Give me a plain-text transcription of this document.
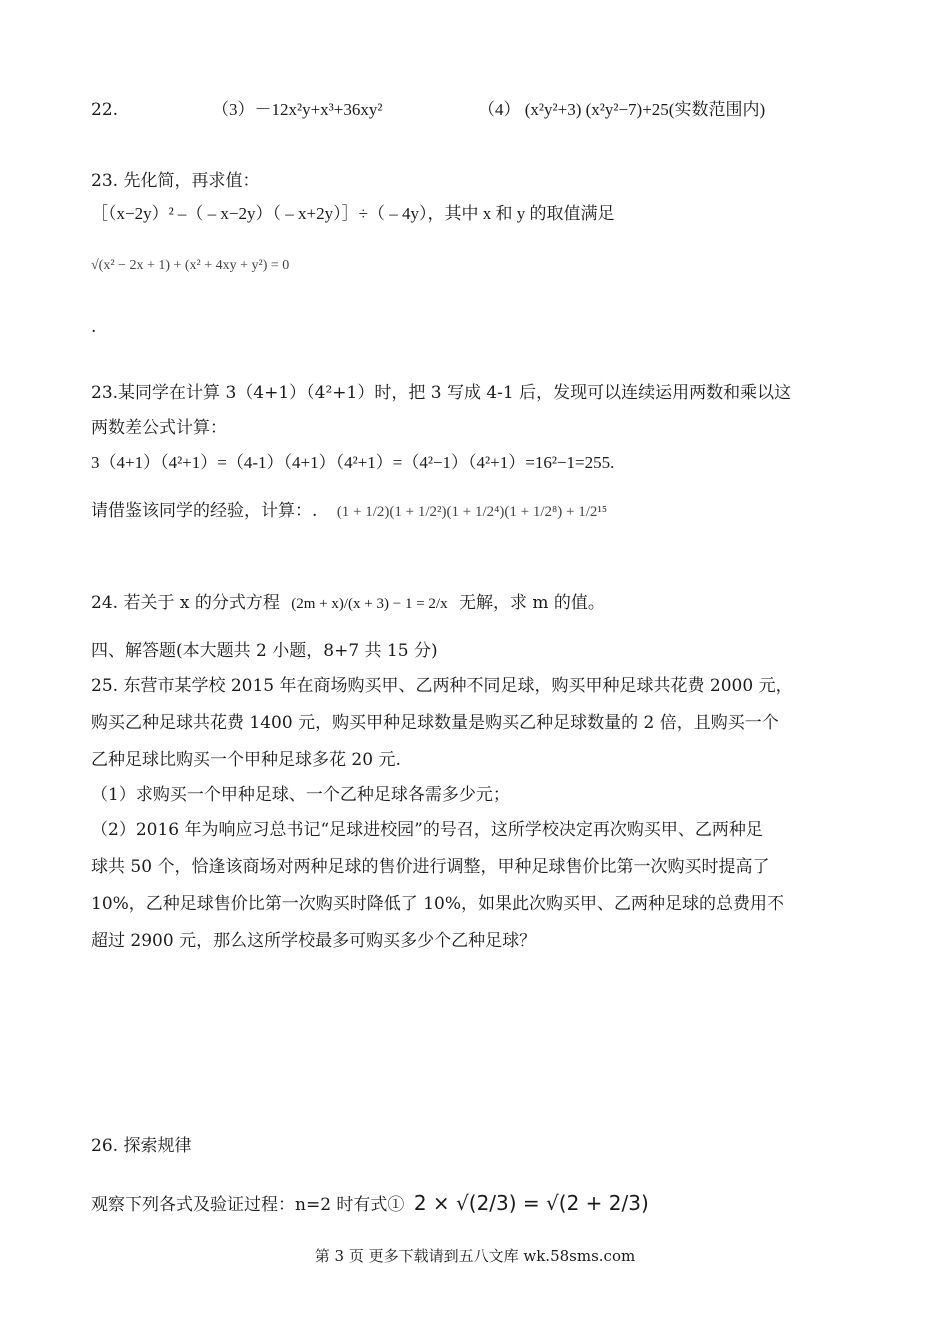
22.	（3）－12x²y+x³+36xy²	（4） (x²y²+3) (x²y²−7)+25(实数范围内)
23. 先化简，再求值：
［（x−2y）² –（ – x−2y）（ – x+2y）］÷（ – 4y），其中 x 和 y 的取值满足
√(x² − 2x + 1) + (x² + 4xy + y²) = 0
.
23.某同学在计算 3（4+1）（4²+1）时，把 3 写成 4-1 后，发现可以连续运用两数和乘以这
两数差公式计算：
3（4+1）（4²+1）=（4-1）（4+1）（4²+1）=（4²−1）（4²+1）=16²−1=255.
请借鉴该同学的经验，计算：. (1 + 1/2)(1 + 1/2²)(1 + 1/2⁴)(1 + 1/2⁸) + 1/2¹⁵
24. 若关于 x 的分式方程 (2m + x)/(x + 3) − 1 = 2/x 无解，求 m 的值。
四、解答题(本大题共 2 小题，8+7 共 15 分)
25. 东营市某学校 2015 年在商场购买甲、乙两种不同足球，购买甲种足球共花费 2000 元，
购买乙种足球共花费 1400 元，购买甲种足球数量是购买乙种足球数量的 2 倍，且购买一个
乙种足球比购买一个甲种足球多花 20 元.
（1）求购买一个甲种足球、一个乙种足球各需多少元；
（2）2016 年为响应习总书记“足球进校园”的号召，这所学校决定再次购买甲、乙两种足
球共 50 个，恰逢该商场对两种足球的售价进行调整，甲种足球售价比第一次购买时提高了
10%，乙种足球售价比第一次购买时降低了 10%，如果此次购买甲、乙两种足球的总费用不
超过 2900 元，那么这所学校最多可购买多少个乙种足球？
26. 探索规律
观察下列各式及验证过程：n=2 时有式① 2 × √(2/3) = √(2 + 2/3)
第 3 页 更多下载请到五八文库 wk.58sms.com
